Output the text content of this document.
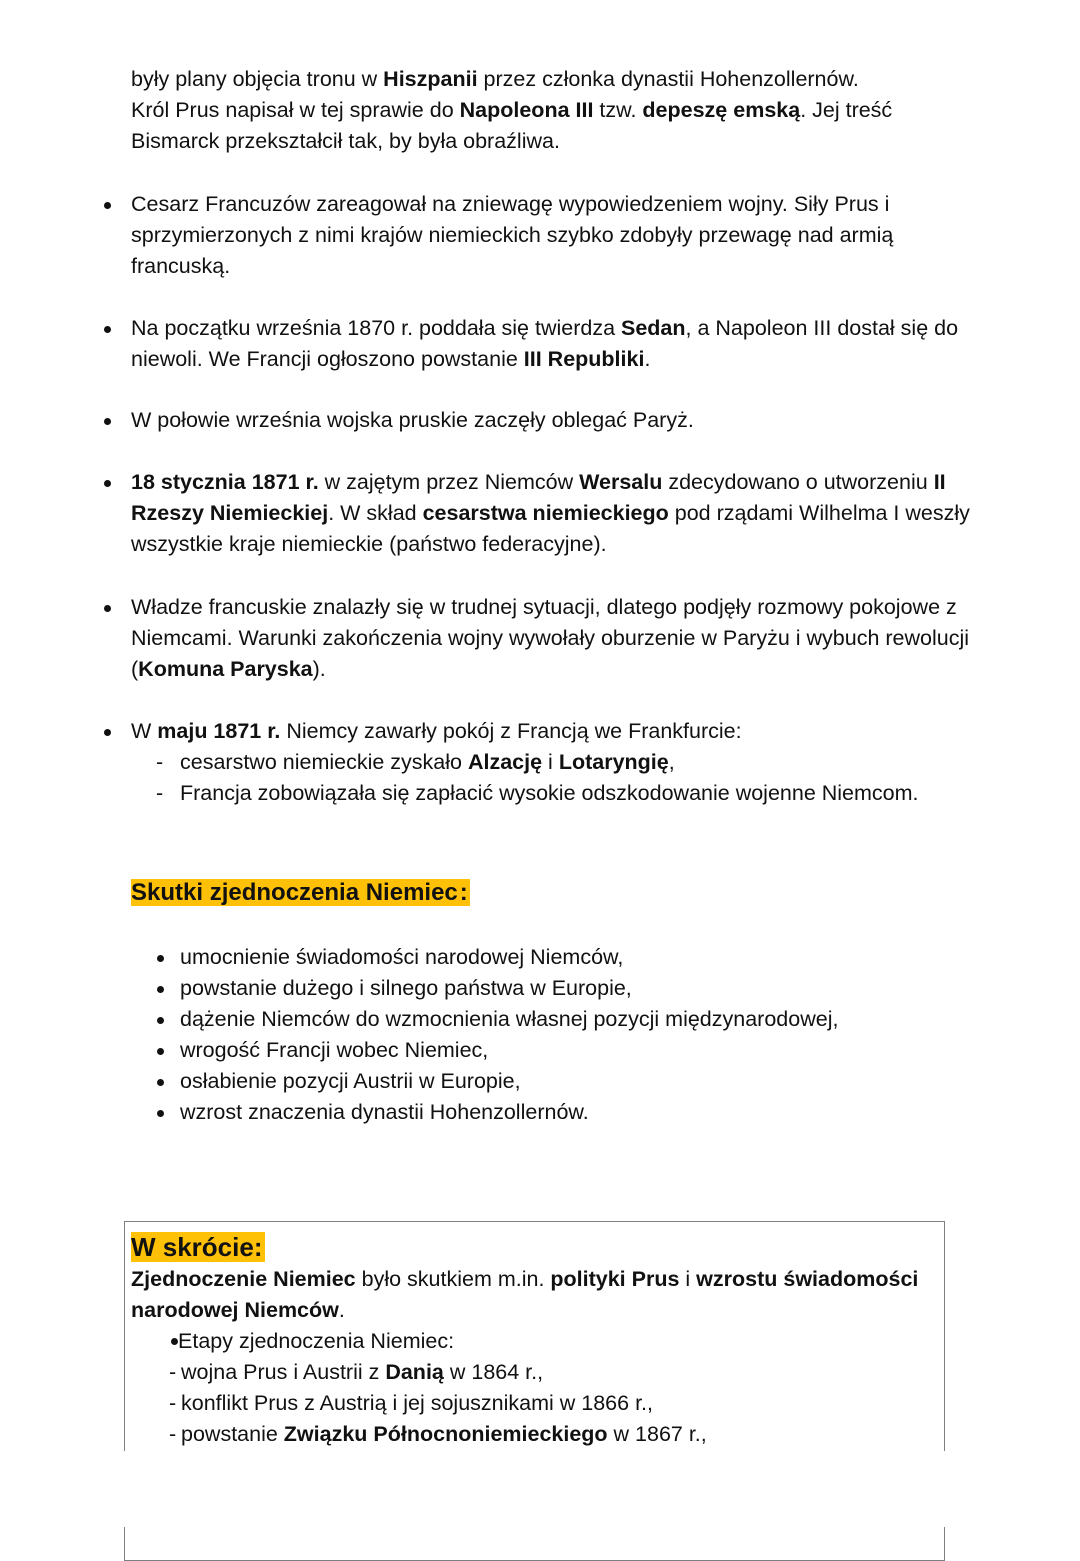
były plany objęcia tronu w Hiszpanii przez członka dynastii Hohenzollernów.

Król Prus napisał w tej sprawie do Napoleona III tzw. depeszę emską. Jej treść

Bismarck przekształcił tak, by była obraźliwa.

Cesarz Francuzów zareagował na zniewagę wypowiedzeniem wojny. Siły Prus i sprzymierzonych z nimi krajów niemieckich szybko zdobyły przewagę nad armią francuską.

Na początku września 1870 r. poddała się twierdza Sedan, a Napoleon III dostał się do niewoli. We Francji ogłoszono powstanie III Republiki.

W połowie września wojska pruskie zaczęły oblegać Paryż.

18 stycznia 1871 r. w zajętym przez Niemców Wersalu zdecydowano o utworzeniu II Rzeszy Niemieckiej. W skład cesarstwa niemieckiego pod rządami Wilhelma I weszły wszystkie kraje niemieckie (państwo federacyjne).

Władze francuskie znalazły się w trudnej sytuacji, dlatego podjęły rozmowy pokojowe z Niemcami. Warunki zakończenia wojny wywołały oburzenie w Paryżu i wybuch rewolucji (Komuna Paryska).

W maju 1871 r. Niemcy zawarły pokój z Francją we Frankfurcie:

- cesarstwo niemieckie zyskało Alzację i Lotaryngię,
- Francja zobowiązała się zapłacić wysokie odszkodowanie wojenne Niemcom.
Skutki zjednoczenia Niemiec:
umocnienie świadomości narodowej Niemców,
powstanie dużego i silnego państwa w Europie,
dążenie Niemców do wzmocnienia własnej pozycji międzynarodowej,
wrogość Francji wobec Niemiec,
osłabienie pozycji Austrii w Europie,
wzrost znaczenia dynastii Hohenzollernów.
W skrócie:

Zjednoczenie Niemiec było skutkiem m.in. polityki Prus i wzrostu świadomości narodowej Niemców.

Etapy zjednoczenia Niemiec:

- wojna Prus i Austrii z Danią w 1864 r.,

- konflikt Prus z Austrią i jej sojusznikami w 1866 r.,

- powstanie Związku Północnoniemieckiego w 1867 r.,
